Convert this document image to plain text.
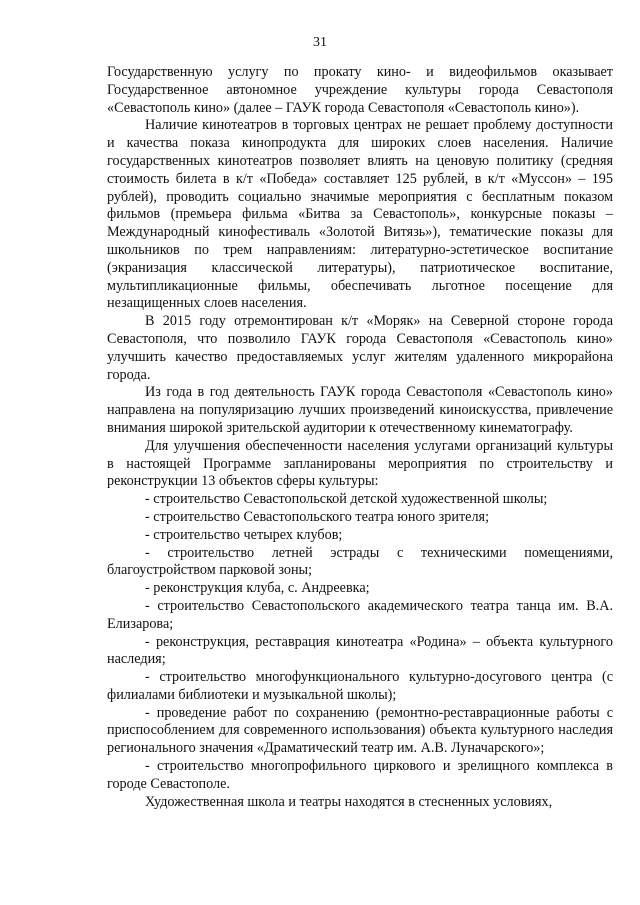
31

Государственную услугу по прокату кино- и видеофильмов оказывает Государственное автономное учреждение культуры города Севастополя «Севастополь кино» (далее – ГАУК города Севастополя «Севастополь кино»).

Наличие кинотеатров в торговых центрах не решает проблему доступности и качества показа кинопродукта для широких слоев населения. Наличие государственных кинотеатров позволяет влиять на ценовую политику (средняя стоимость билета в к/т «Победа» составляет 125 рублей, в к/т «Муссон» – 195 рублей), проводить социально значимые мероприятия с бесплатным показом фильмов (премьера фильма «Битва за Севастополь», конкурсные показы – Международный кинофестиваль «Золотой Витязь»), тематические показы для школьников по трем направлениям: литературно-эстетическое воспитание (экранизация классической литературы), патриотическое воспитание, мультипликационные фильмы, обеспечивать льготное посещение для незащищенных слоев населения.

В 2015 году отремонтирован к/т «Моряк» на Северной стороне города Севастополя, что позволило ГАУК города Севастополя «Севастополь кино» улучшить качество предоставляемых услуг жителям удаленного микрорайона города.

Из года в год деятельность ГАУК города Севастополя «Севастополь кино» направлена на популяризацию лучших произведений киноискусства, привлечение внимания широкой зрительской аудитории к отечественному кинематографу.

Для улучшения обеспеченности населения услугами организаций культуры в настоящей Программе запланированы мероприятия по строительству и реконструкции 13 объектов сферы культуры:

- строительство Севастопольской детской художественной школы;

- строительство Севастопольского театра юного зрителя;

- строительство четырех клубов;

- строительство летней эстрады с техническими помещениями, благоустройством парковой зоны;

- реконструкция клуба, с. Андреевка;

- строительство Севастопольского академического театра танца им. В.А. Елизарова;

- реконструкция, реставрация кинотеатра «Родина» – объекта культурного наследия;

- строительство многофункционального культурно-досугового центра (с филиалами библиотеки и музыкальной школы);

- проведение работ по сохранению (ремонтно-реставрационные работы с приспособлением для современного использования) объекта культурного наследия регионального значения «Драматический театр им. А.В. Луначарского»;

- строительство многопрофильного циркового и зрелищного комплекса в городе Севастополе.

Художественная школа и театры находятся в стесненных условиях,
